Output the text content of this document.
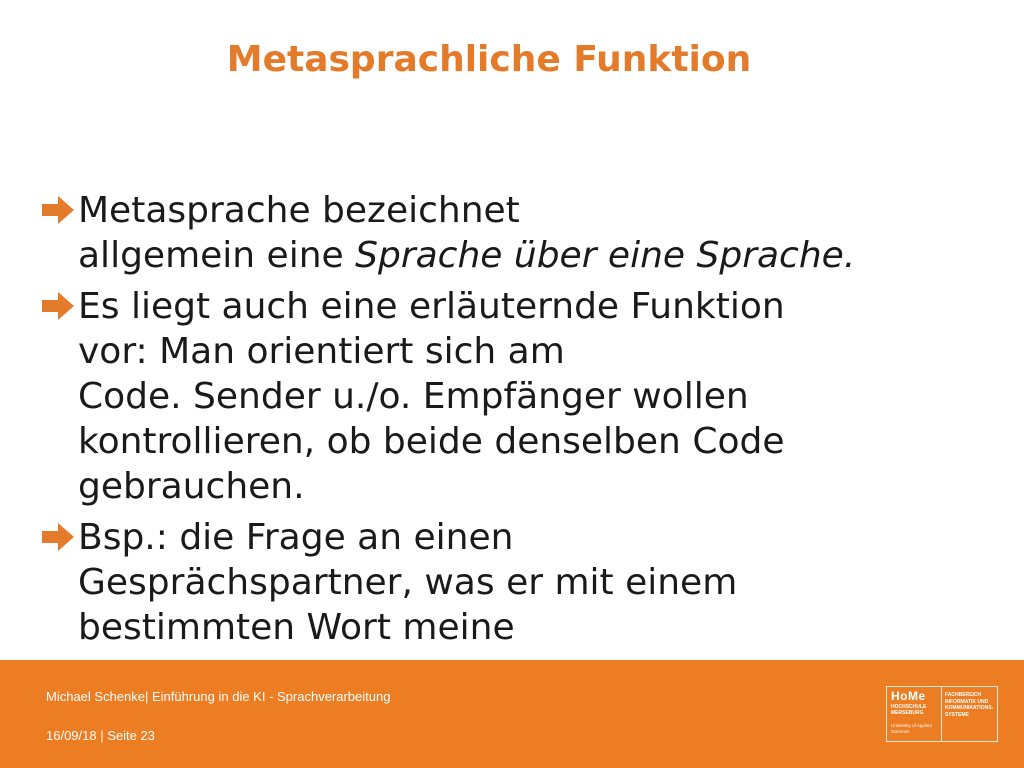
Metasprachliche Funktion
Metasprache bezeichnet
allgemein eine Sprache über eine Sprache.
Es liegt auch eine erläuternde Funktion
vor: Man orientiert sich am
Code. Sender u./o. Empfänger wollen
kontrollieren, ob beide denselben Code
gebrauchen.
Bsp.: die Frage an einen
Gesprächspartner, was er mit einem
bestimmten Wort meine
Michael Schenke| Einführung in die KI - Sprachverarbeitung
16/09/18 | Seite 23
HoMe
HOCHSCHULE MERSEBURG
University of Applied Sciences
FACHBEREICH INFORMATIK UND KOMMUNIKATIONS-SYSTEME
